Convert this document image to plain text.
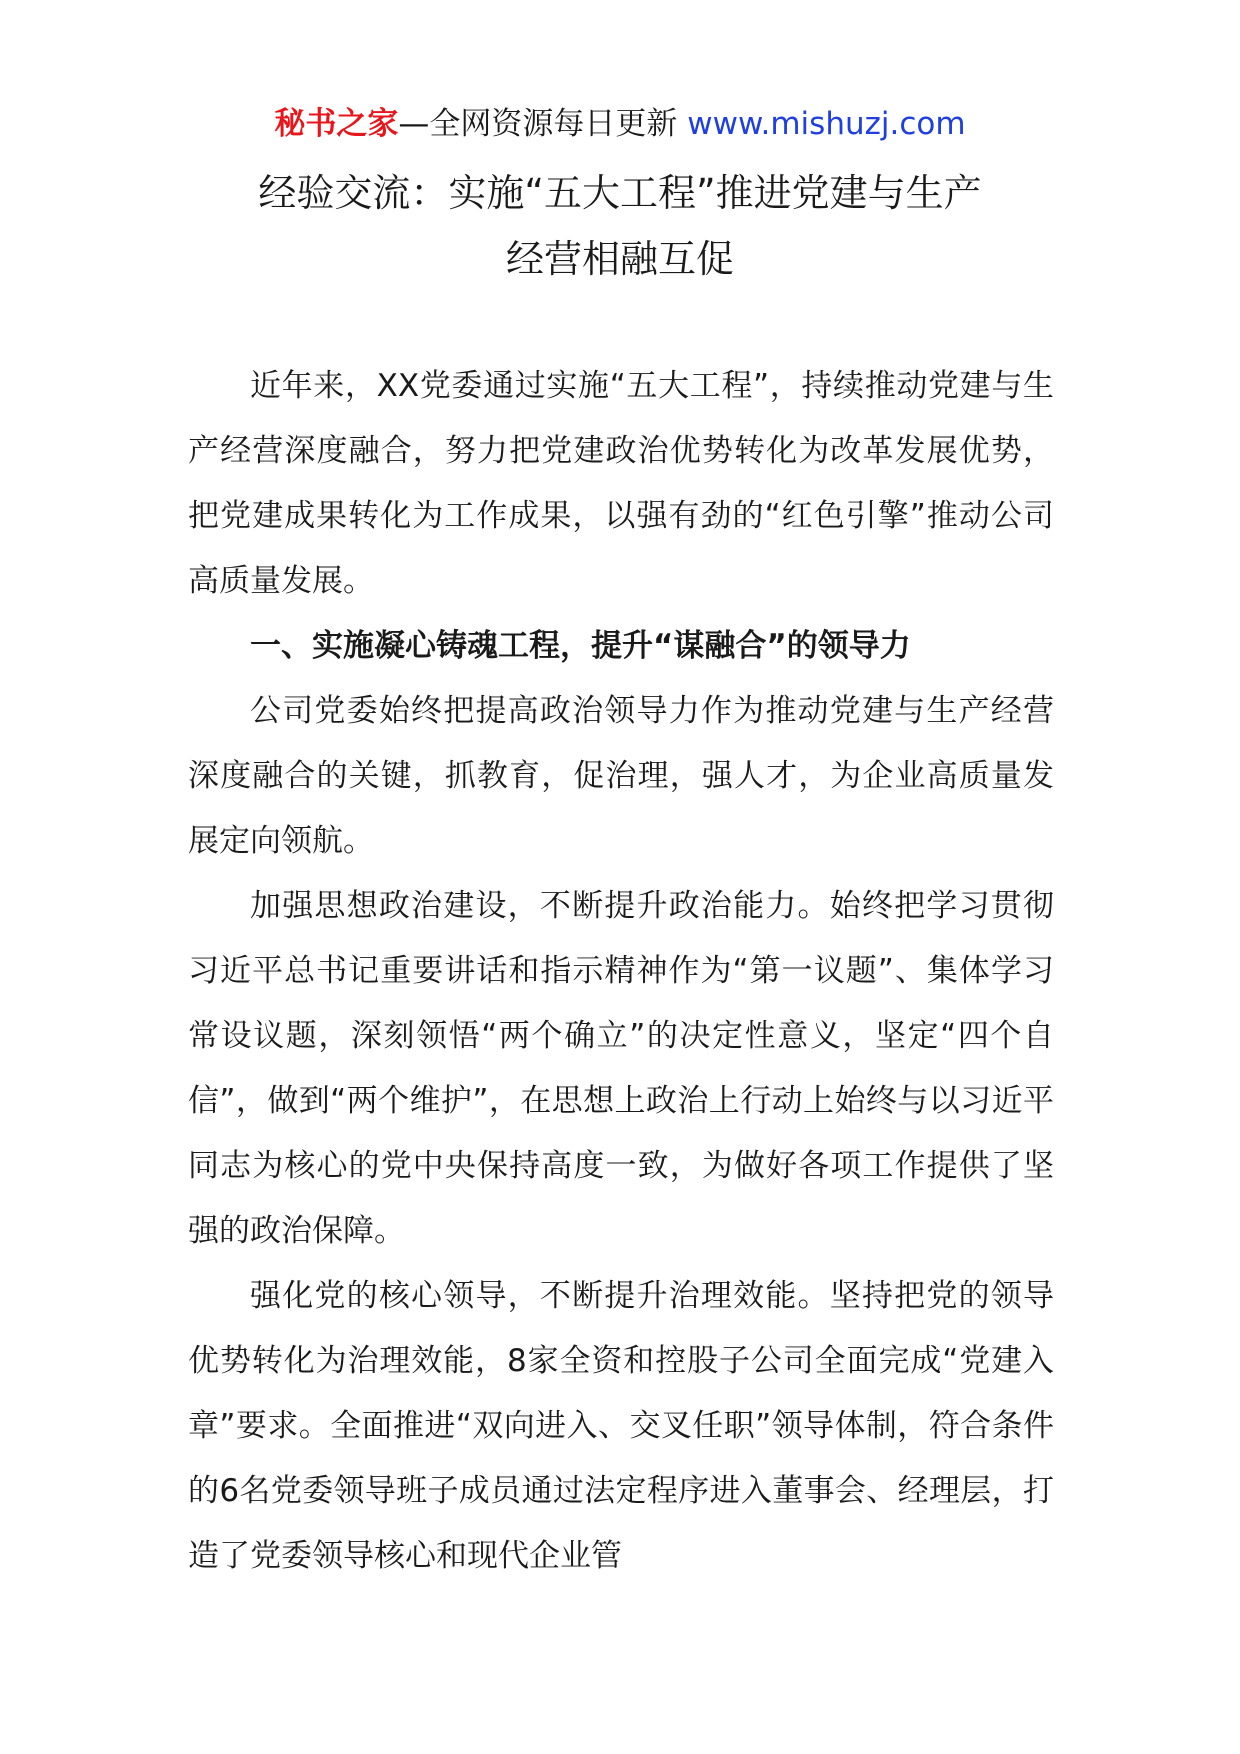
秘书之家—全网资源每日更新 www.mishuzj.com
经验交流：实施“五大工程”推进党建与生产
经营相融互促

近年来，XX党委通过实施“五大工程”，持续推动党建与生产经营深度融合，努力把党建政治优势转化为改革发展优势，把党建成果转化为工作成果，以强有劲的“红色引擎”推动公司高质量发展。

一、实施凝心铸魂工程，提升“谋融合”的领导力

公司党委始终把提高政治领导力作为推动党建与生产经营深度融合的关键，抓教育，促治理，强人才，为企业高质量发展定向领航。

加强思想政治建设，不断提升政治能力。始终把学习贯彻习近平总书记重要讲话和指示精神作为“第一议题”、集体学习常设议题，深刻领悟“两个确立”的决定性意义，坚定“四个自信”，做到“两个维护”，在思想上政治上行动上始终与以习近平同志为核心的党中央保持高度一致，为做好各项工作提供了坚强的政治保障。

强化党的核心领导，不断提升治理效能。坚持把党的领导优势转化为治理效能，8家全资和控股子公司全面完成“党建入章”要求。全面推进“双向进入、交叉任职”领导体制，符合条件的6名党委领导班子成员通过法定程序进入董事会、经理层，打造了党委领导核心和现代企业管
